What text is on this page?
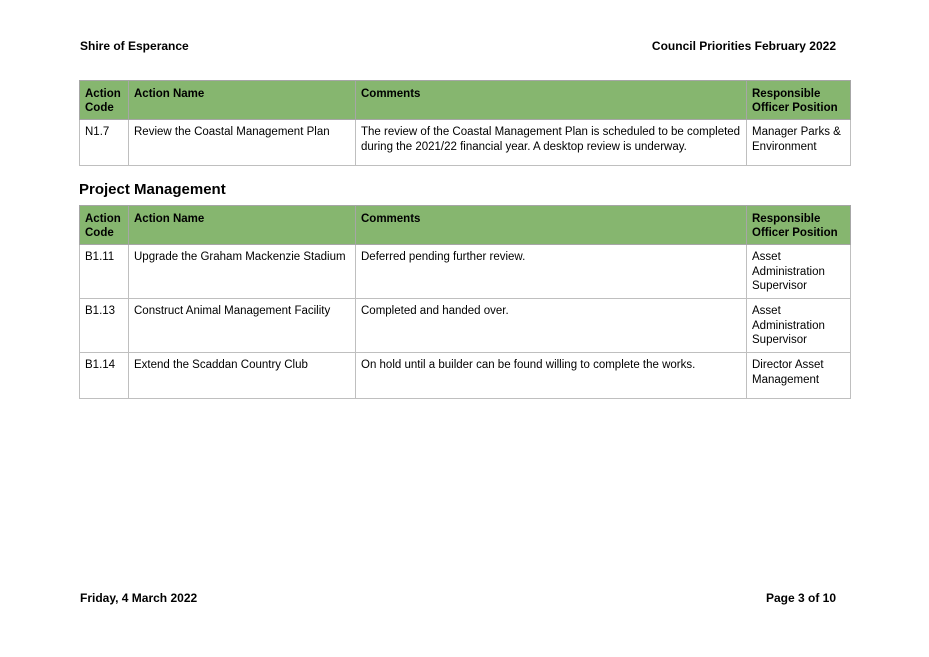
Shire of Esperance	Council Priorities February 2022
Action Code	Action Name	Comments	Responsible Officer Position
N1.7	Review the Coastal Management Plan	The review of the Coastal Management Plan is scheduled to be completed during the 2021/22 financial year. A desktop review is underway.	Manager Parks & Environment
Project Management
Action Code	Action Name	Comments	Responsible Officer Position
B1.11	Upgrade the Graham Mackenzie Stadium	Deferred pending further review.	Asset Administration Supervisor
B1.13	Construct Animal Management Facility	Completed and handed over.	Asset Administration Supervisor
B1.14	Extend the Scaddan Country Club	On hold until a builder can be found willing to complete the works.	Director Asset Management
Friday, 4 March 2022	Page 3 of 10
